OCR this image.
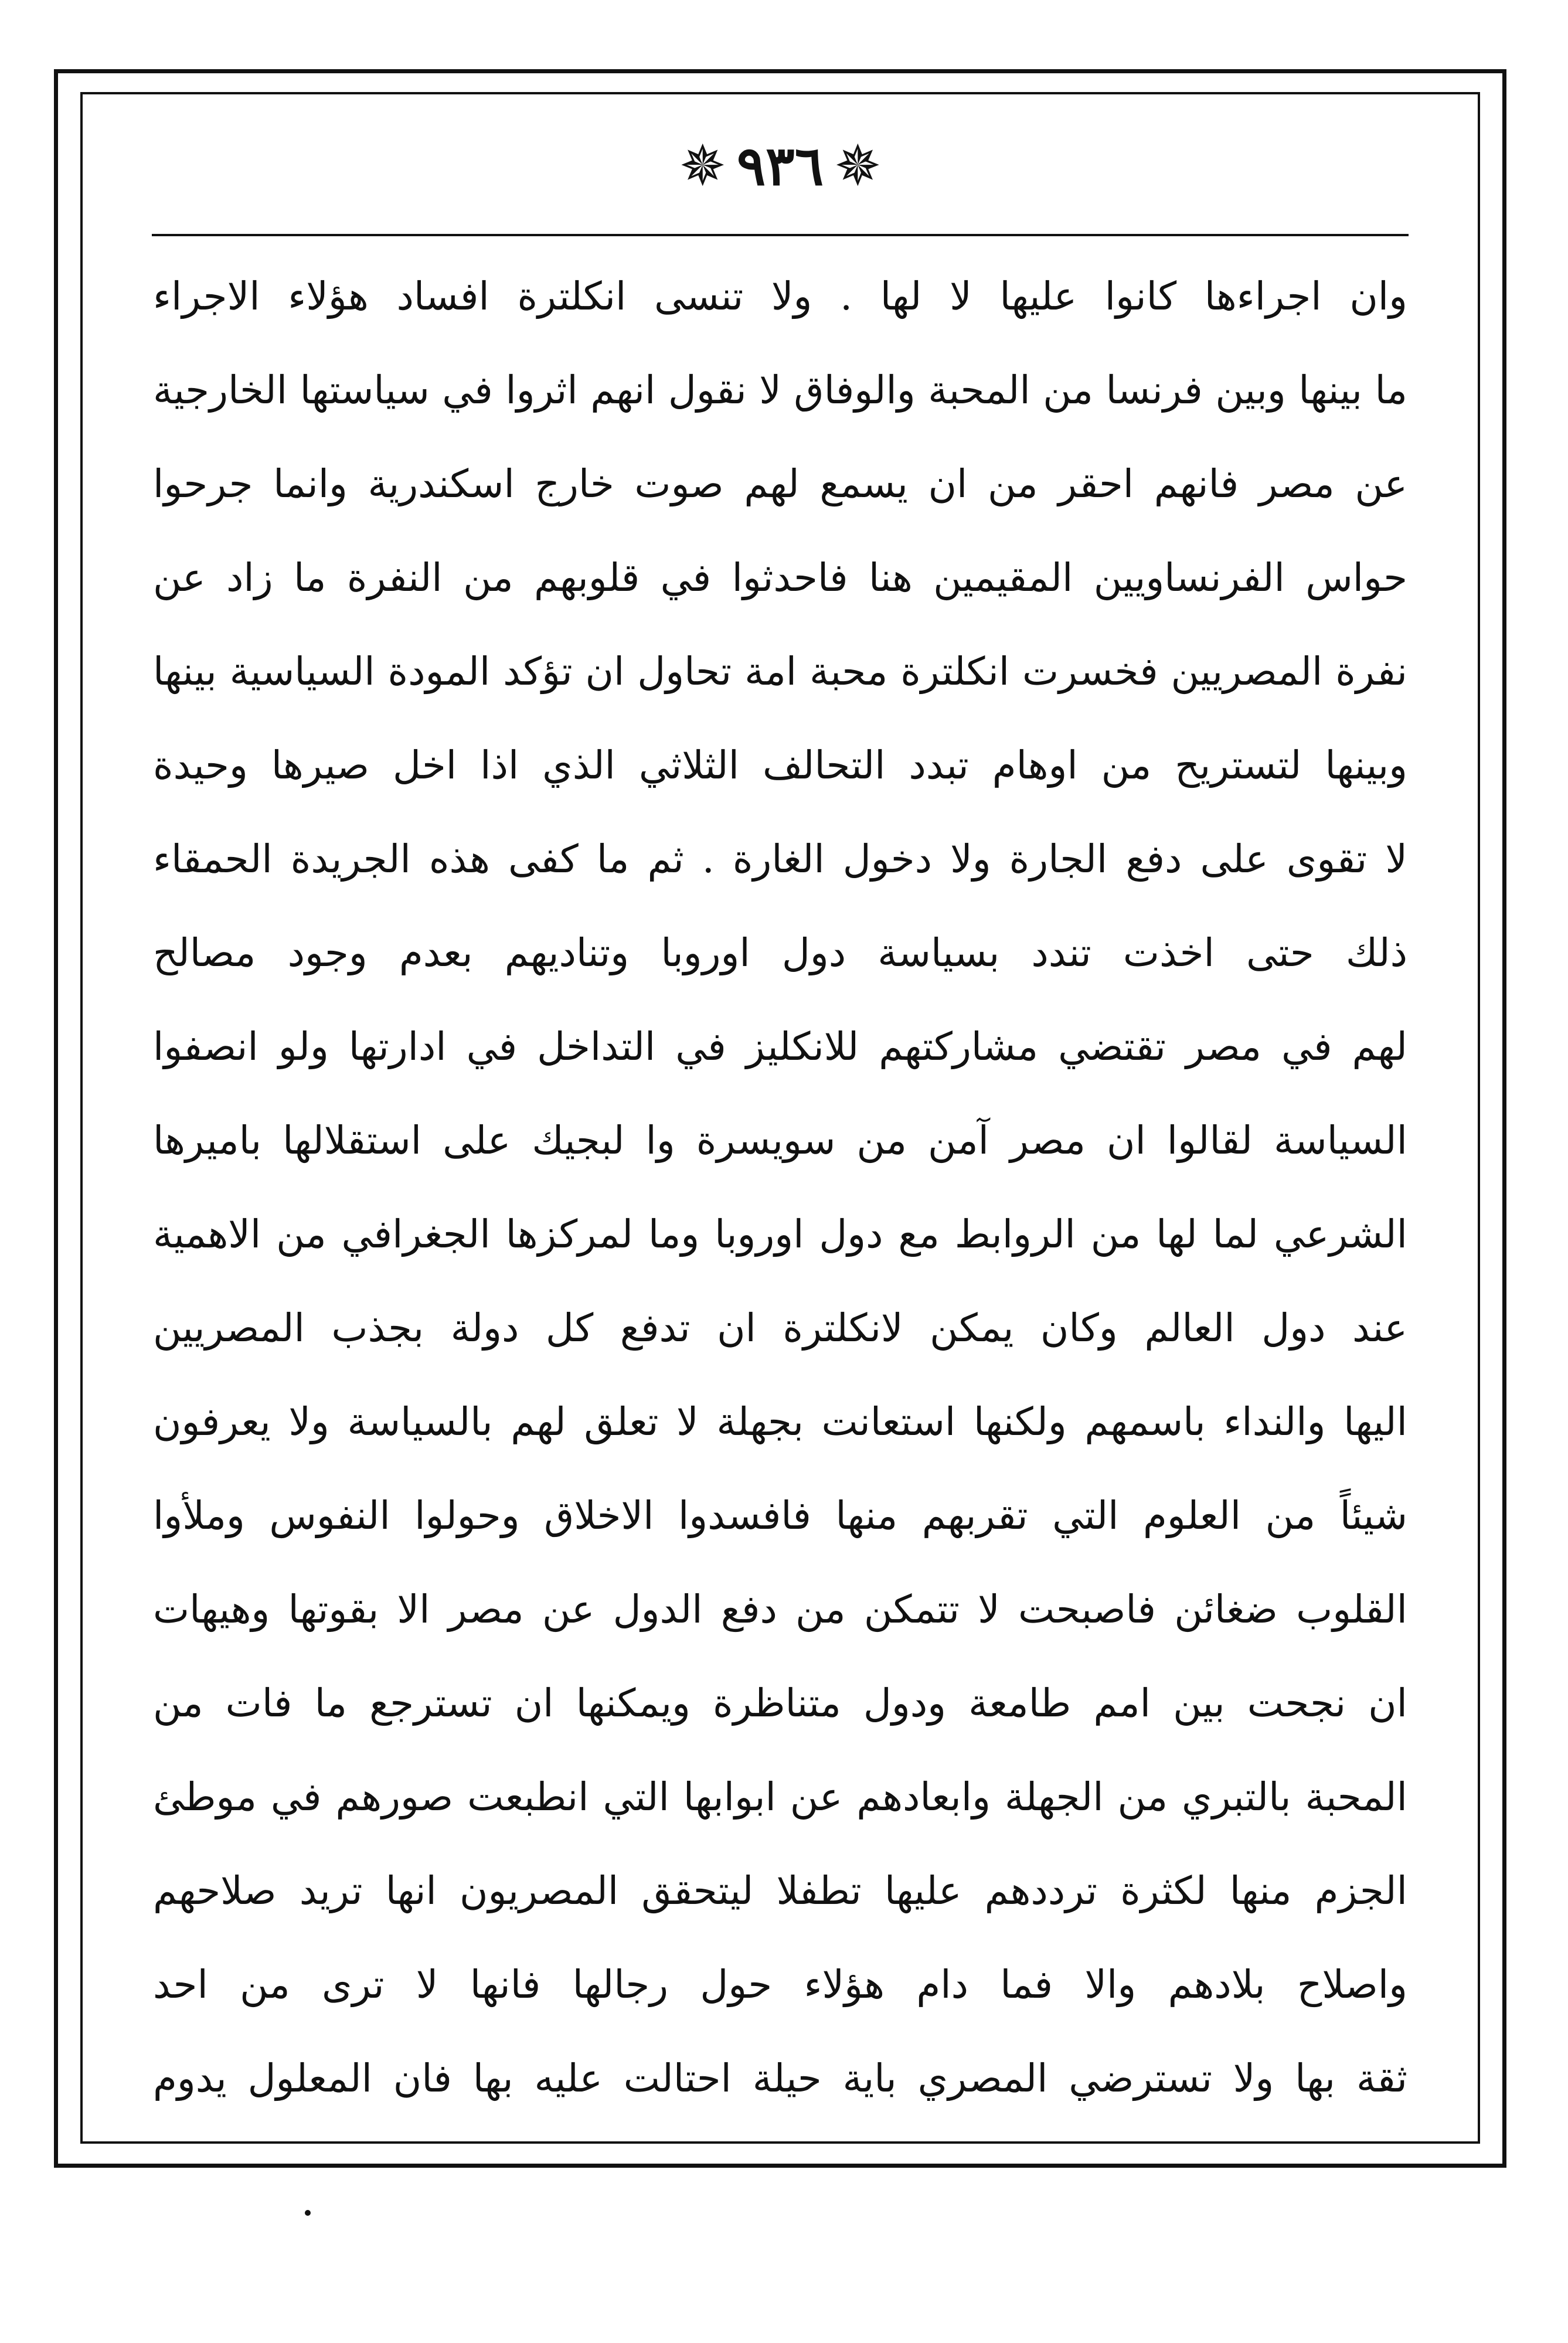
✵ ٩٣٦ ✵
وان اجراءها كانوا عليها لا لها . ولا تنسى انكلترة افساد هؤلاء الاجراء
ما بينها وبين فرنسا من المحبة والوفاق لا نقول انهم اثروا في سياستها الخارجية
عن مصر فانهم احقر من ان يسمع لهم صوت خارج اسكندرية وانما جرحوا
حواس الفرنساويين المقيمين هنا فاحدثوا في قلوبهم من النفرة ما زاد عن
نفرة المصريين فخسرت انكلترة محبة امة تحاول ان تؤكد المودة السياسية بينها
وبينها لتستريح من اوهام تبدد التحالف الثلاثي الذي اذا اخل صيرها وحيدة
لا تقوى على دفع الجارة ولا دخول الغارة . ثم ما كفى هذه الجريدة الحمقاء
ذلك حتى اخذت تندد بسياسة دول اوروبا وتناديهم بعدم وجود مصالح
لهم في مصر تقتضي مشاركتهم للانكليز في التداخل في ادارتها ولو انصفوا
السياسة لقالوا ان مصر آمن من سويسرة وا لبجيك على استقلالها باميرها
الشرعي لما لها من الروابط مع دول اوروبا وما لمركزها الجغرافي من الاهمية
عند دول العالم وكان يمكن لانكلترة ان تدفع كل دولة بجذب المصريين
اليها والنداء باسمهم ولكنها استعانت بجهلة لا تعلق لهم بالسياسة ولا يعرفون
شيئاً من العلوم التي تقربهم منها فافسدوا الاخلاق وحولوا النفوس وملأوا
القلوب ضغائن فاصبحت لا تتمكن من دفع الدول عن مصر الا بقوتها وهيهات
ان نجحت بين امم طامعة ودول متناظرة ويمكنها ان تسترجع ما فات من
المحبة بالتبري من الجهلة وابعادهم عن ابوابها التي انطبعت صورهم في موطئ
الجزم منها لكثرة ترددهم عليها تطفلا ليتحقق المصريون انها تريد صلاحهم
واصلاح بلادهم والا فما دام هؤلاء حول رجالها فانها لا ترى من احد
ثقة بها ولا تسترضي المصري باية حيلة احتالت عليه بها فان المعلول يدوم
